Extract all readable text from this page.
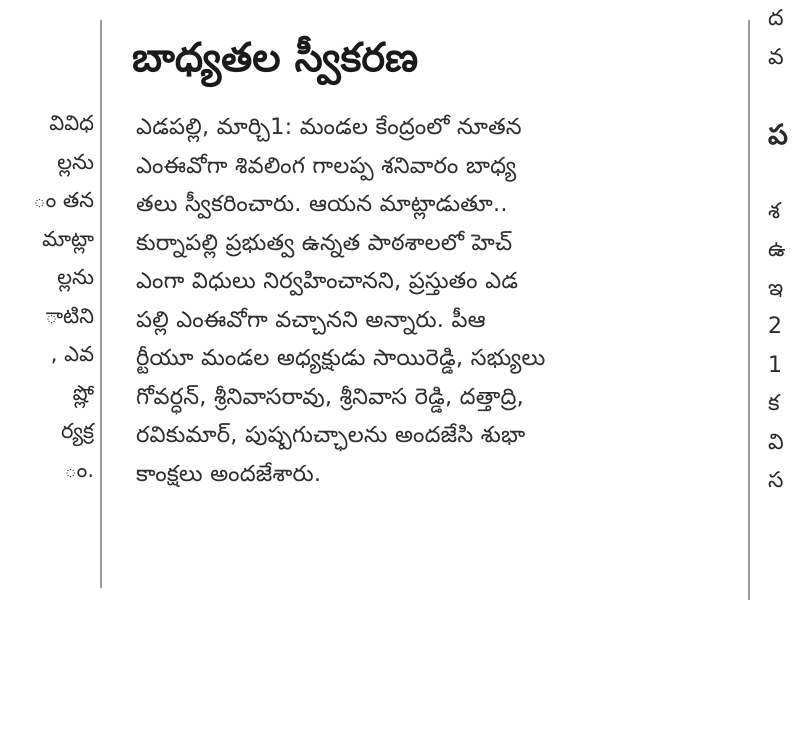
వివిధ
ల్లను
ం తన
మాట్లా
ల్లను
ాటిని
, ఎవ
ష్లో
ర్యక్ర
ం.
బాధ్యతల స్వీకరణ
ఎడపల్లి, మార్చి1: మండల కేంద్రంలో నూతన
ఎంఈవోగా శివలింగ గాలప్ప శనివారం బాధ్య
తలు స్వీకరించారు. ఆయన మాట్లాడుతూ..
కుర్నాపల్లి ప్రభుత్వ ఉన్నత పాఠశాలలో హెచ్
ఎంగా విధులు నిర్వహించానని, ప్రస్తుతం ఎడ
పల్లి ఎంఈవోగా వచ్చానని అన్నారు. పీఆ
ర్టీయూ మండల అధ్యక్షుడు సాయిరెడ్డి, సభ్యులు
గోవర్ధన్, శ్రీనివాసరావు, శ్రీనివాస రెడ్డి, దత్తాద్రి,
రవికుమార్, పుష్పగుచ్ఛాలను అందజేసి శుభా
కాంక్షలు అందజేశారు.
ద
వ
ప
శ
ఉ
ఇ
2
1
క
వి
స
